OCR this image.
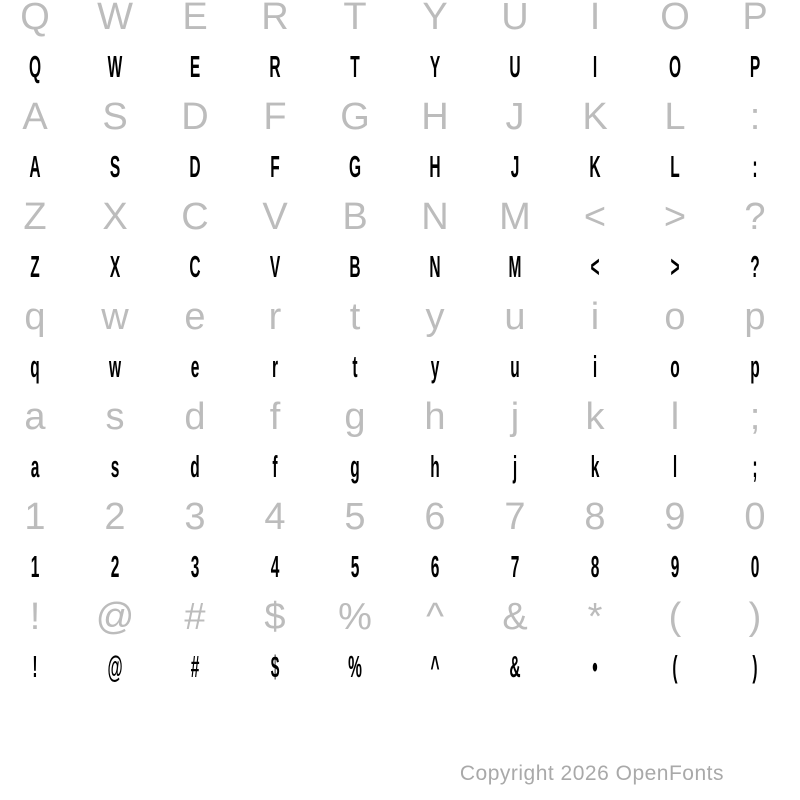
Q	W	E	R	T	Y	U	I	O	P
Q	W	E	R	T	Y	U	I	O	P
A	S	D	F	G	H	J	K	L	:
A	S	D	F	G	H	J	K	L	:
Z	X	C	V	B	N	M	<	>	?
Z	X	C	V	B	N	M	<	>	?
q	w	e	r	t	y	u	i	o	p
q	w	e	r	t	y	u	i	o	p
a	s	d	f	g	h	j	k	l	;
a	s	d	f	g	h	j	k	l	;
1	2	3	4	5	6	7	8	9	0
1	2	3	4	5	6	7	8	9	0
!	@	#	$	%	^	&	*	(	)
!	@	#	$	%	^	&	•	(	)
Copyright 2026 OpenFonts
